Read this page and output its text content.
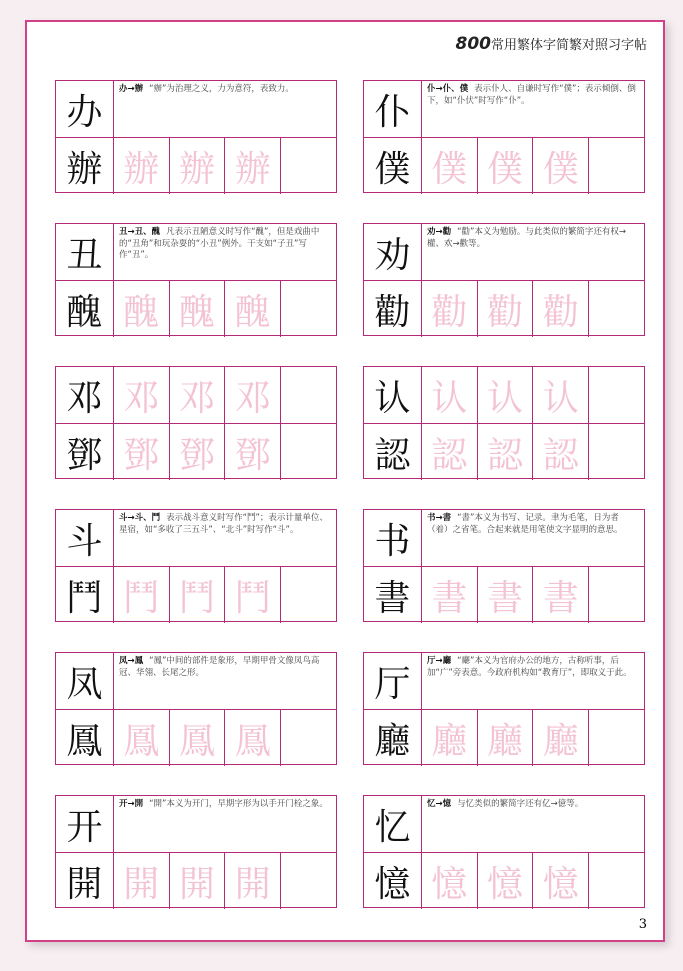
800常用繁体字简繁对照习字帖
办
办→辦 “辦”为治理之义，力为意符，表致力。
辦 辦 辦 辦
仆
仆→仆、僕 表示仆人、自谦时写作“僕”；表示倾倒、倒下，如“仆伏”时写作“仆”。
僕 僕 僕 僕
丑
丑→丑、醜 凡表示丑陋意义时写作“醜”，但是戏曲中的“丑角”和玩杂耍的“小丑”例外。干支如“子丑”写作“丑”。
醜 醜 醜 醜
劝
劝→勸 “勸”本义为勉励。与此类似的繁简字还有权→權、欢→歡等。
勸 勸 勸 勸
邓 邓 邓 邓
鄧 鄧 鄧 鄧
认 认 认 认
認 認 認 認
斗
斗→斗、鬥 表示战斗意义时写作“鬥”；表示计量单位、星宿，如“多收了三五斗”、“北斗”时写作“斗”。
鬥 鬥 鬥 鬥
书
书→書 “書”本义为书写、记录。聿为毛笔，日为者（着）之省笔。合起来就是用笔使文字显明的意思。
書 書 書 書
凤
凤→鳳 “鳳”中间的部件是象形，早期甲骨文像凤鸟高冠、华翎、长尾之形。
鳳 鳳 鳳 鳳
厅
厅→廳 “廳”本义为官府办公的地方，古称听事，后加“广”旁表意。今政府机构如“教育厅”，即取义于此。
廳 廳 廳 廳
开
开→開 “開”本义为开门，早期字形为以手开门栓之象。
開 開 開 開
忆
忆→憶 与忆类似的繁简字还有亿→億等。
憶 憶 憶 憶
3
